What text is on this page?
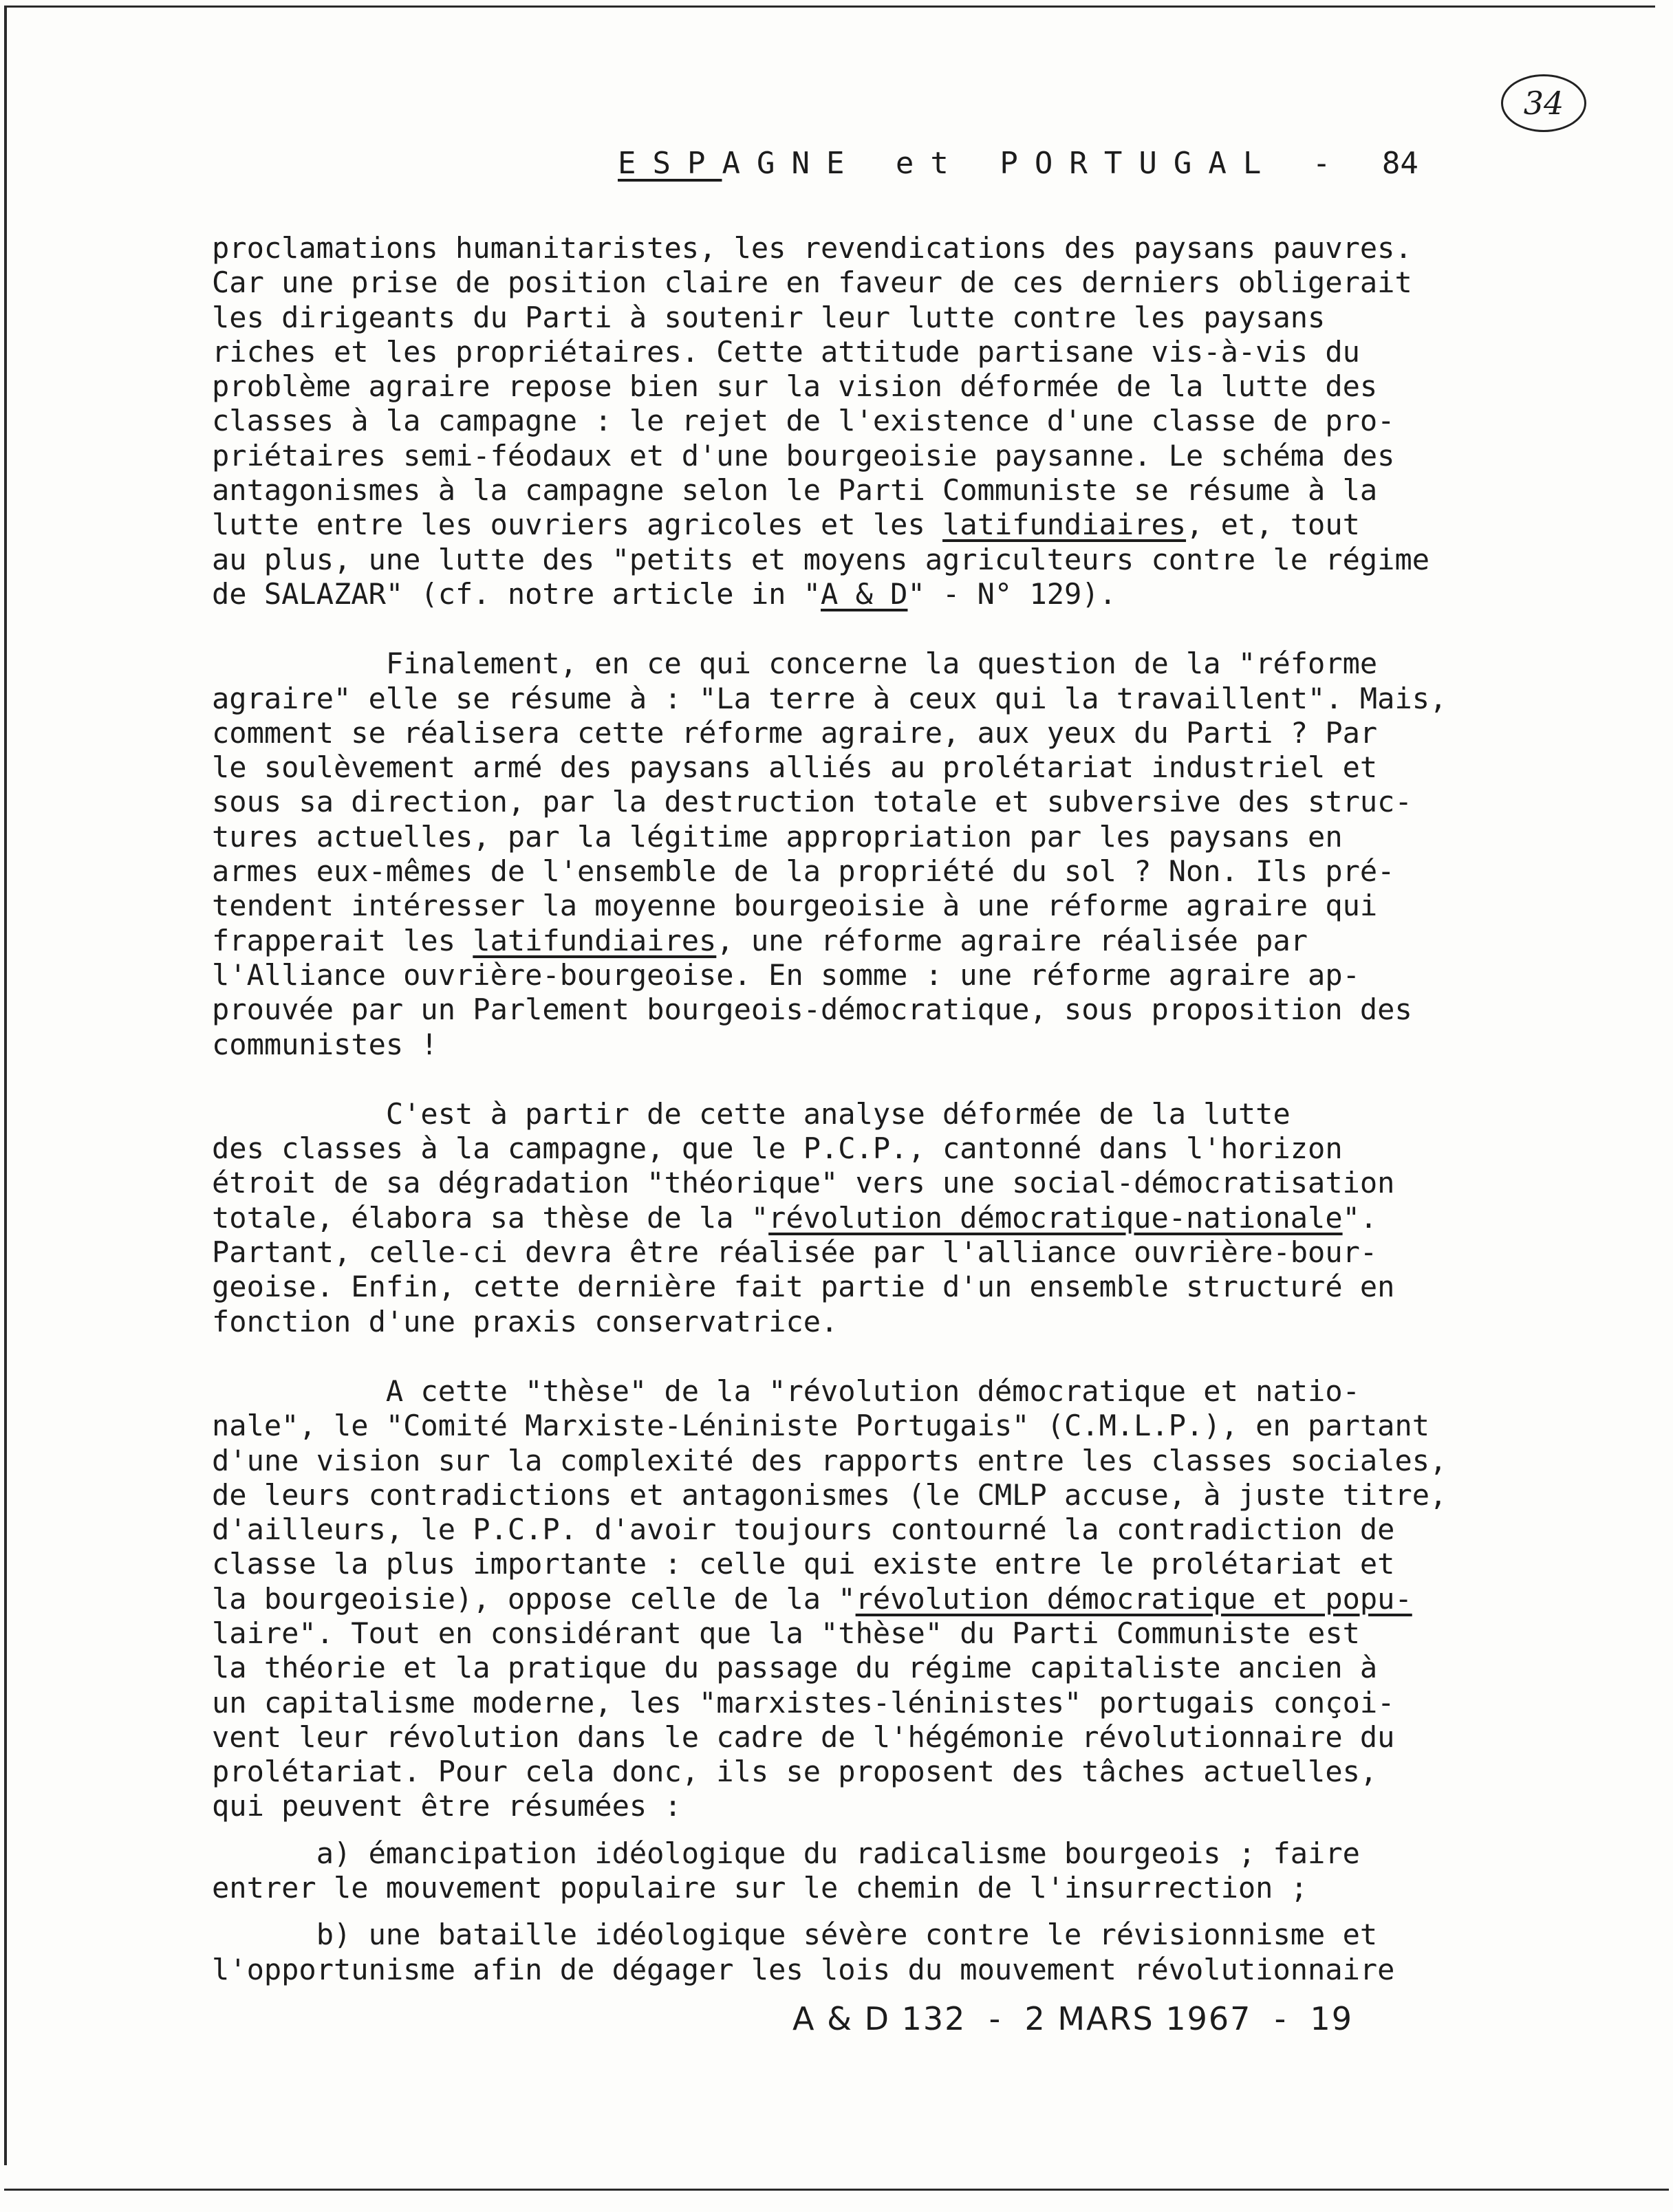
34
ESPAGNE et PORTUGAL - 84
proclamations humanitaristes, les revendications des paysans pauvres.
Car une prise de position claire en faveur de ces derniers obligerait
les dirigeants du Parti à soutenir leur lutte contre les paysans
riches et les propriétaires. Cette attitude partisane vis-à-vis du
problème agraire repose bien sur la vision déformée de la lutte des
classes à la campagne : le rejet de l'existence d'une classe de pro-
priétaires semi-féodaux et d'une bourgeoisie paysanne. Le schéma des
antagonismes à la campagne selon le Parti Communiste se résume à la
lutte entre les ouvriers agricoles et les latifundiaires, et, tout
au plus, une lutte des "petits et moyens agriculteurs contre le régime
de SALAZAR" (cf. notre article in "A & D" - N° 129).
Finalement, en ce qui concerne la question de la "réforme
agraire" elle se résume à : "La terre à ceux qui la travaillent". Mais,
comment se réalisera cette réforme agraire, aux yeux du Parti ? Par
le soulèvement armé des paysans alliés au prolétariat industriel et
sous sa direction, par la destruction totale et subversive des struc-
tures actuelles, par la légitime appropriation par les paysans en
armes eux-mêmes de l'ensemble de la propriété du sol ? Non. Ils pré-
tendent intéresser la moyenne bourgeoisie à une réforme agraire qui
frapperait les latifundiaires, une réforme agraire réalisée par
l'Alliance ouvrière-bourgeoise. En somme : une réforme agraire ap-
prouvée par un Parlement bourgeois-démocratique, sous proposition des
communistes !
C'est à partir de cette analyse déformée de la lutte
des classes à la campagne, que le P.C.P., cantonné dans l'horizon
étroit de sa dégradation "théorique" vers une social-démocratisation
totale, élabora sa thèse de la "révolution démocratique-nationale".
Partant, celle-ci devra être réalisée par l'alliance ouvrière-bour-
geoise. Enfin, cette dernière fait partie d'un ensemble structuré en
fonction d'une praxis conservatrice.
A cette "thèse" de la "révolution démocratique et natio-
nale", le "Comité Marxiste-Léniniste Portugais" (C.M.L.P.), en partant
d'une vision sur la complexité des rapports entre les classes sociales,
de leurs contradictions et antagonismes (le CMLP accuse, à juste titre,
d'ailleurs, le P.C.P. d'avoir toujours contourné la contradiction de
classe la plus importante : celle qui existe entre le prolétariat et
la bourgeoisie), oppose celle de la "révolution démocratique et popu-
laire". Tout en considérant que la "thèse" du Parti Communiste est
la théorie et la pratique du passage du régime capitaliste ancien à
un capitalisme moderne, les "marxistes-léninistes" portugais conçoi-
vent leur révolution dans le cadre de l'hégémonie révolutionnaire du
prolétariat. Pour cela donc, ils se proposent des tâches actuelles,
qui peuvent être résumées :
a) émancipation idéologique du radicalisme bourgeois ; faire
entrer le mouvement populaire sur le chemin de l'insurrection ;
b) une bataille idéologique sévère contre le révisionnisme et
l'opportunisme afin de dégager les lois du mouvement révolutionnaire
A & D 132  -  2 MARS 1967  -  19
